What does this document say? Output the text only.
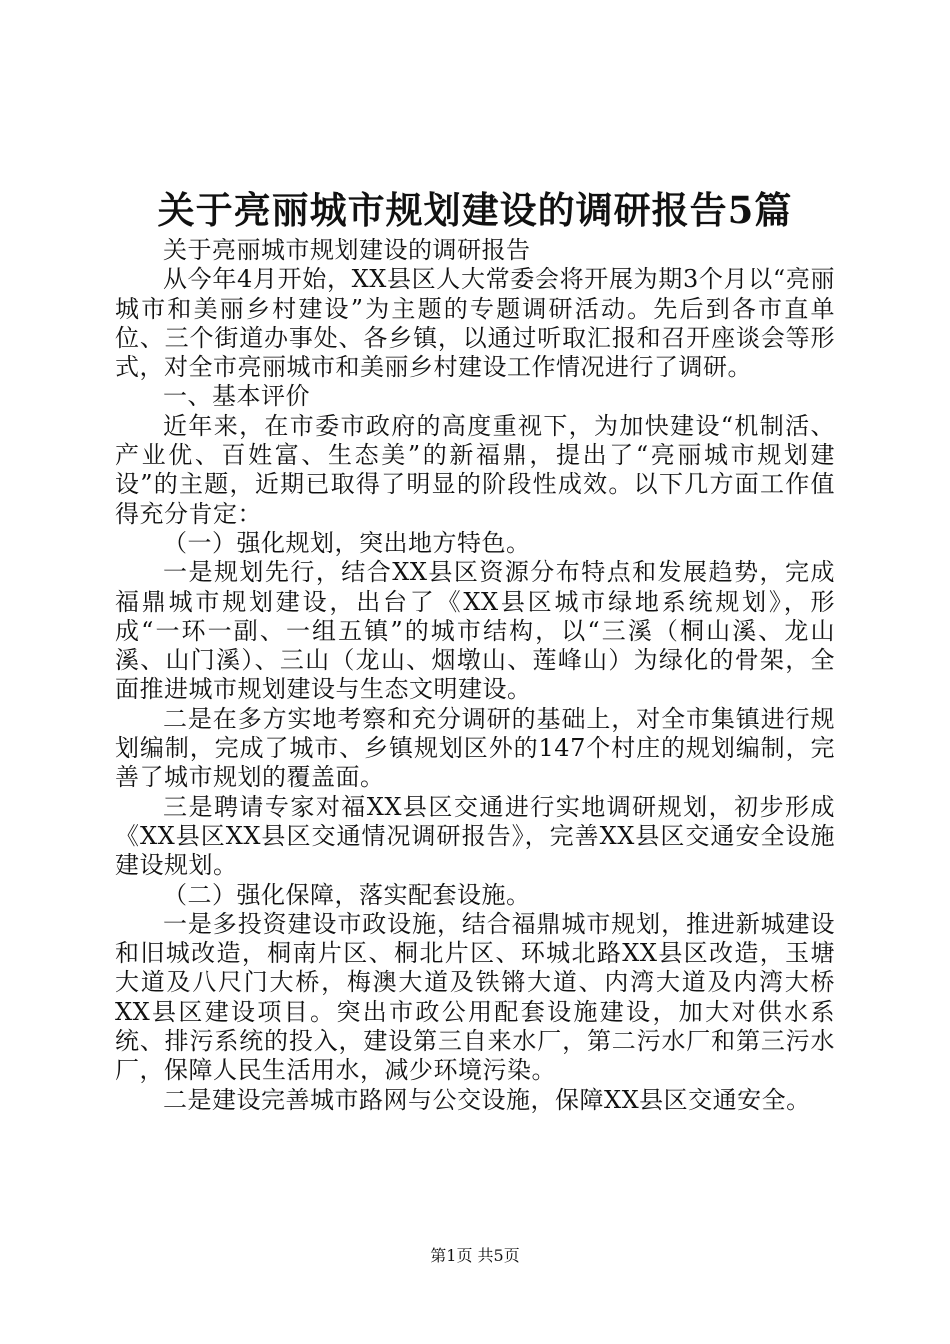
关于亮丽城市规划建设的调研报告5篇

关于亮丽城市规划建设的调研报告

从今年4月开始，XX县区人大常委会将开展为期3个月以“亮丽城市和美丽乡村建设”为主题的专题调研活动。先后到各市直单位、三个街道办事处、各乡镇，以通过听取汇报和召开座谈会等形式，对全市亮丽城市和美丽乡村建设工作情况进行了调研。

一、基本评价

近年来，在市委市政府的高度重视下，为加快建设“机制活、产业优、百姓富、生态美”的新福鼎，提出了“亮丽城市规划建设”的主题，近期已取得了明显的阶段性成效。以下几方面工作值得充分肯定：

（一）强化规划，突出地方特色。

一是规划先行，结合XX县区资源分布特点和发展趋势，完成福鼎城市规划建设，出台了《XX县区城市绿地系统规划》，形成“一环一副、一组五镇”的城市结构，以“三溪（桐山溪、龙山溪、山门溪）、三山（龙山、烟墩山、莲峰山）为绿化的骨架，全面推进城市规划建设与生态文明建设。

二是在多方实地考察和充分调研的基础上，对全市集镇进行规划编制，完成了城市、乡镇规划区外的147个村庄的规划编制，完善了城市规划的覆盖面。

三是聘请专家对福XX县区交通进行实地调研规划，初步形成《XX县区XX县区交通情况调研报告》，完善XX县区交通安全设施建设规划。

（二）强化保障，落实配套设施。

一是多投资建设市政设施，结合福鼎城市规划，推进新城建设和旧城改造，桐南片区、桐北片区、环城北路XX县区改造，玉塘大道及八尺门大桥，梅澳大道及铁锵大道、内湾大道及内湾大桥XX县区建设项目。突出市政公用配套设施建设，加大对供水系统、排污系统的投入，建设第三自来水厂，第二污水厂和第三污水厂，保障人民生活用水，减少环境污染。

二是建设完善城市路网与公交设施，保障XX县区交通安全。

第1页 共5页
